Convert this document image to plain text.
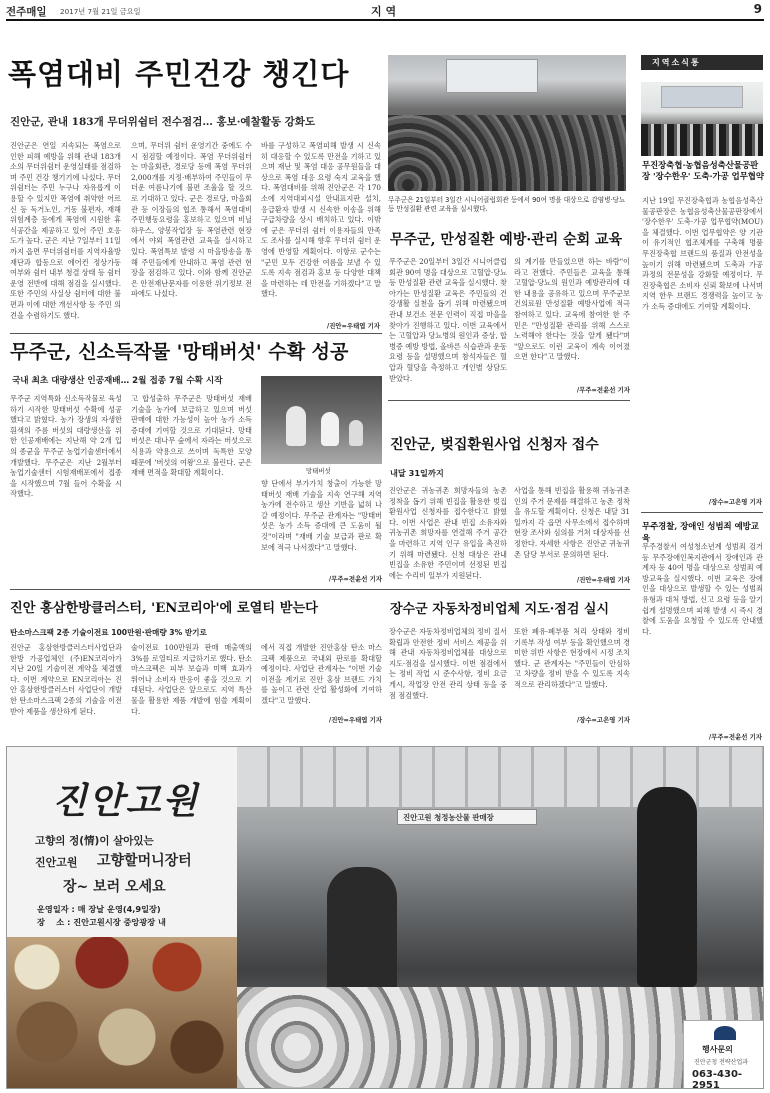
전주매일 2017년 7월 21일 금요일	지 역	9
폭염대비 주민건강 챙긴다
진안군, 관내 183개 무더위쉼터 전수점검… 홍보·예찰활동 강화도
진안군은 연일 지속되는 폭염으로 인한 피해 예방을 위해 관내 183개소의 무더위쉼터 운영실태를 점검하며 주민 건강 챙기기에 나섰다. 무더위쉼터는 주민 누구나 자유롭게 이용할 수 있지만 폭염에 취약한 어르신 등 독거노인, 거동 불편자, 재해위험계층 등에게 폭염에 시원한 휴식공간을 제공하고 있어 주민 호응도가 높다. 군은 지난 7일부터 11일까지 읍면 무더위쉼터를 지역자율방재단과 합동으로 에어컨 정상가동 여부와 쉼터 내부 청결 상태 등 쉼터 운영 전반에 대해 점검을 실시했다. 또한 주민의 사실상 쉼터에 대한 불편과 이에 대한 개선사항 등 주민 의견을 수렴하기도 했다.
으며, 무더위 쉼터 운영기간 중에도 수시 점검할 예정이다. 폭염 무더위쉼터는 마을회관, 경로당 등에 폭염 무더위 2,000개를 지정·배부하여 주민들이 무더운 여름나기에 불편 조율을 할 것으로 기대하고 있다. 군은 경로당, 마을회관 등 이장들의 협조 통해서 폭염대비 주민행동요령을 홍보하고 있으며 비닐하우스, 양봉작업장 등 폭염관련 현장에서 야외 폭염관련 교육을 실시하고 있다. 폭염특보 발령 시 마을방송을 통해 주민들에게 안내하고 폭염 관련 현장을 점검하고 있다. 이와 함께 진안군은 안전재난문자를 이용한 위기정보 전파에도 나섰다.
바를 구성하고 폭염피해 발생 시 신속히 대응할 수 있도록 만전을 기하고 있으며 재난 및 폭염 대응 공무원들을 대상으로 폭염 대응 요령 숙지 교육을 했다. 폭염대비를 위해 진안군은 각 170소에 지역대피시설 안내표지판 설치, 응급환자 발생 시 신속한 이송을 위해 구급차량을 상시 배치하고 있다. 이밖에 군은 무더위 쉼터 이용자들의 만족도 조사를 실시해 향후 무더위 쉼터 운영에 반영할 계획이다. 이항로 군수는 "군민 모두 건강한 여름을 보낼 수 있도록 지속 점검과 홍보 등 다양한 대책을 마련하는 데 만전을 기하겠다"고 말했다.
/진안=우태엽 기자
무주군은 21일부터 3일간 시니어클럽회관 등에서 90여 명을 대상으로 감염병·당뇨 등 만성질환 관련 교육을 실시했다.
무주군, 만성질환 예방·관리 순회 교육
무주군은 20일부터 3일간 시니어클럽회관 90여 명을 대상으로 고혈압·당뇨 등 만성질환 관련 교육을 실시했다. 찾아가는 만성질환 교육은 주민들의 건강생활 실천을 돕기 위해 마련됐으며 관내 보건소 전문 인력이 직접 마을을 찾아가 진행하고 있다. 이번 교육에서는 고혈압과 당뇨병의 원인과 증상, 합병증 예방 방법, 올바른 식습관과 운동 요령 등을 설명했으며 참석자들은 혈압과 혈당을 측정하고 개인별 상담도 받았다.
의 계기를 만들었으면 하는 바람"이라고 전했다. 주민들은 교육을 통해 고혈압·당뇨의 원인과 예방관리에 대한 내용을 공유하고 있으며 무주군보건의료원 만성질환 예방사업에 적극 참여하고 있다. 교육에 참여한 한 주민은 "만성질환 관리를 위해 스스로 노력해야 한다는 것을 알게 됐다"며 "앞으로도 이런 교육이 계속 이어졌으면 한다"고 말했다.
/무주=전윤선 기자
지역소식통
무진장축협·농협음성축산물공판장 '장수한우' 도축·가공 업무협약
지난 19일 무진장축협과 농협음성축산물공판장은 농협음성축산물공판장에서 '장수한우' 도축·가공 업무협약(MOU)을 체결했다. 이번 업무협약은 양 기관이 유기적인 협조체계를 구축해 명품 무진장축협 브랜드의 품질과 안전성을 높이기 위해 마련됐으며 도축과 가공 과정의 전문성을 강화할 예정이다. 무진장축협은 소비자 신뢰 확보에 나서며 지역 한우 브랜드 경쟁력을 높이고 농가 소득 증대에도 기여할 계획이다.
/장수=고은영 기자
무주경찰, 장애인 성범죄 예방교육
무주경찰서 여성청소년계 성범죄 검거 등 무주장애인복지관에서 장애인과 관계자 등 40여 명을 대상으로 성범죄 예방교육을 실시했다. 이번 교육은 장애인을 대상으로 발생할 수 있는 성범죄 유형과 대처 방법, 신고 요령 등을 알기 쉽게 설명했으며 피해 발생 시 즉시 경찰에 도움을 요청할 수 있도록 안내했다.
/무주=전윤선 기자
무주군, 신소득작물 '망태버섯' 수확 성공
국내 최초 대량생산 인공재배… 2월 접종 7월 수확 시작
망태버섯
무주군 지역특화 신소득작물로 육성하기 시작한 망태버섯 수확에 성공했다고 밝혔다. 농가 장생의 자생한 흰색의 주름 버섯의 대량생산을 위한 인공재배에는 지난해 약 2개 입의 종균을 무주군 농업기술센터에서 개발했다. 무주군은 지난 2월부터 농업기술센터 시험재배포에서 접종을 시작했으며 7월 들어 수확을 시작했다.
고 합성출하 무주군은 망태버섯 재배 기술을 농가에 보급하고 있으며 버섯 판매에 대한 가능성이 높아 농가 소득 증대에 기여할 것으로 기대된다. 망태버섯은 대나무 숲에서 자라는 버섯으로 식용과 약용으로 쓰이며 독특한 모양 때문에 '버섯의 여왕'으로 불린다. 군은 재배 면적을 확대할 계획이다.
향 단에서 부가가치 창출이 가능한 망태버섯 재배 기술을 지속 연구해 지역 농가에 전수하고 생산 기반을 넓혀 나갈 예정이다. 무주군 관계자는 "망태버섯은 농가 소득 증대에 큰 도움이 될 것"이라며 "재배 기술 보급과 판로 확보에 적극 나서겠다"고 말했다.
/무주=전윤선 기자
진안군, 벚집환원사업 신청자 접수
내달 31일까지
진안군은 귀농귀촌 희망자들의 농촌 정착을 돕기 위해 빈집을 활용한 벚집환원사업 신청자를 접수한다고 밝혔다. 이번 사업은 관내 빈집 소유자와 귀농귀촌 희망자를 연결해 주거 공간을 마련하고 지역 인구 유입을 촉진하기 위해 마련됐다. 신청 대상은 관내 빈집을 소유한 주민이며 선정된 빈집에는 수리비 일부가 지원된다.
사업을 통해 빈집을 활용해 귀농귀촌인의 주거 문제를 해결하고 농촌 정착을 유도할 계획이다. 신청은 내달 31일까지 각 읍면 사무소에서 접수하며 현장 조사와 심의를 거쳐 대상자를 선정한다. 자세한 사항은 진안군 귀농귀촌 담당 부서로 문의하면 된다.
/진안=우태엽 기자
진안 홍삼한방클러스터, 'EN코리아'에 로열티 받는다
탄소마스크팩 2종 기술이전료 100만원·판매량 3% 받기로
진안군 홍삼한방클러스터사업단과 한방 가공업체인 (주)EN코리아가 지난 20일 기술이전 계약을 체결했다. 이번 계약으로 EN코리아는 진안 홍삼한방클러스터 사업단이 개발한 탄소마스크팩 2종의 기술을 이전받아 제품을 생산하게 된다.
술이전료 100만원과 판매 매출액의 3%를 로열티로 지급하기로 했다. 탄소마스크팩은 피부 보습과 미백 효과가 뛰어나 소비자 반응이 좋을 것으로 기대된다. 사업단은 앞으로도 지역 특산물을 활용한 제품 개발에 힘쓸 계획이다.
에서 직접 개발한 진안홍삼 탄소 마스크팩 제품으로 국내외 판로를 확대할 예정이다. 사업단 관계자는 "이번 기술이전을 계기로 진안 홍삼 브랜드 가치를 높이고 관련 산업 활성화에 기여하겠다"고 말했다.
/진안=우태엽 기자
장수군 자동차정비업체 지도·점검 실시
장수군은 자동차정비업체의 정비 질서 확립과 안전한 정비 서비스 제공을 위해 관내 자동차정비업체를 대상으로 지도·점검을 실시했다. 이번 점검에서는 정비 작업 시 준수사항, 정비 요금 게시, 작업장 안전 관리 상태 등을 중점 점검했다.
또한 폐유·폐부품 처리 상태와 정비 기록부 작성 여부 등을 확인했으며 경미한 위반 사항은 현장에서 시정 조치했다. 군 관계자는 "주민들이 안심하고 차량을 정비 받을 수 있도록 지속적으로 관리하겠다"고 말했다.
/장수=고은영 기자
진안고원
고향의 정(情)이 살아있는
진안고원 고향할머니장터
장~ 보러 오세요
운영일자 : 매 장날 운영(4,9일장)
장    소 : 진안고원시장 중앙광장 내
진안고원 청정농산물 판매장
행사문의
진안군청 전략산업과
063-430-2951
